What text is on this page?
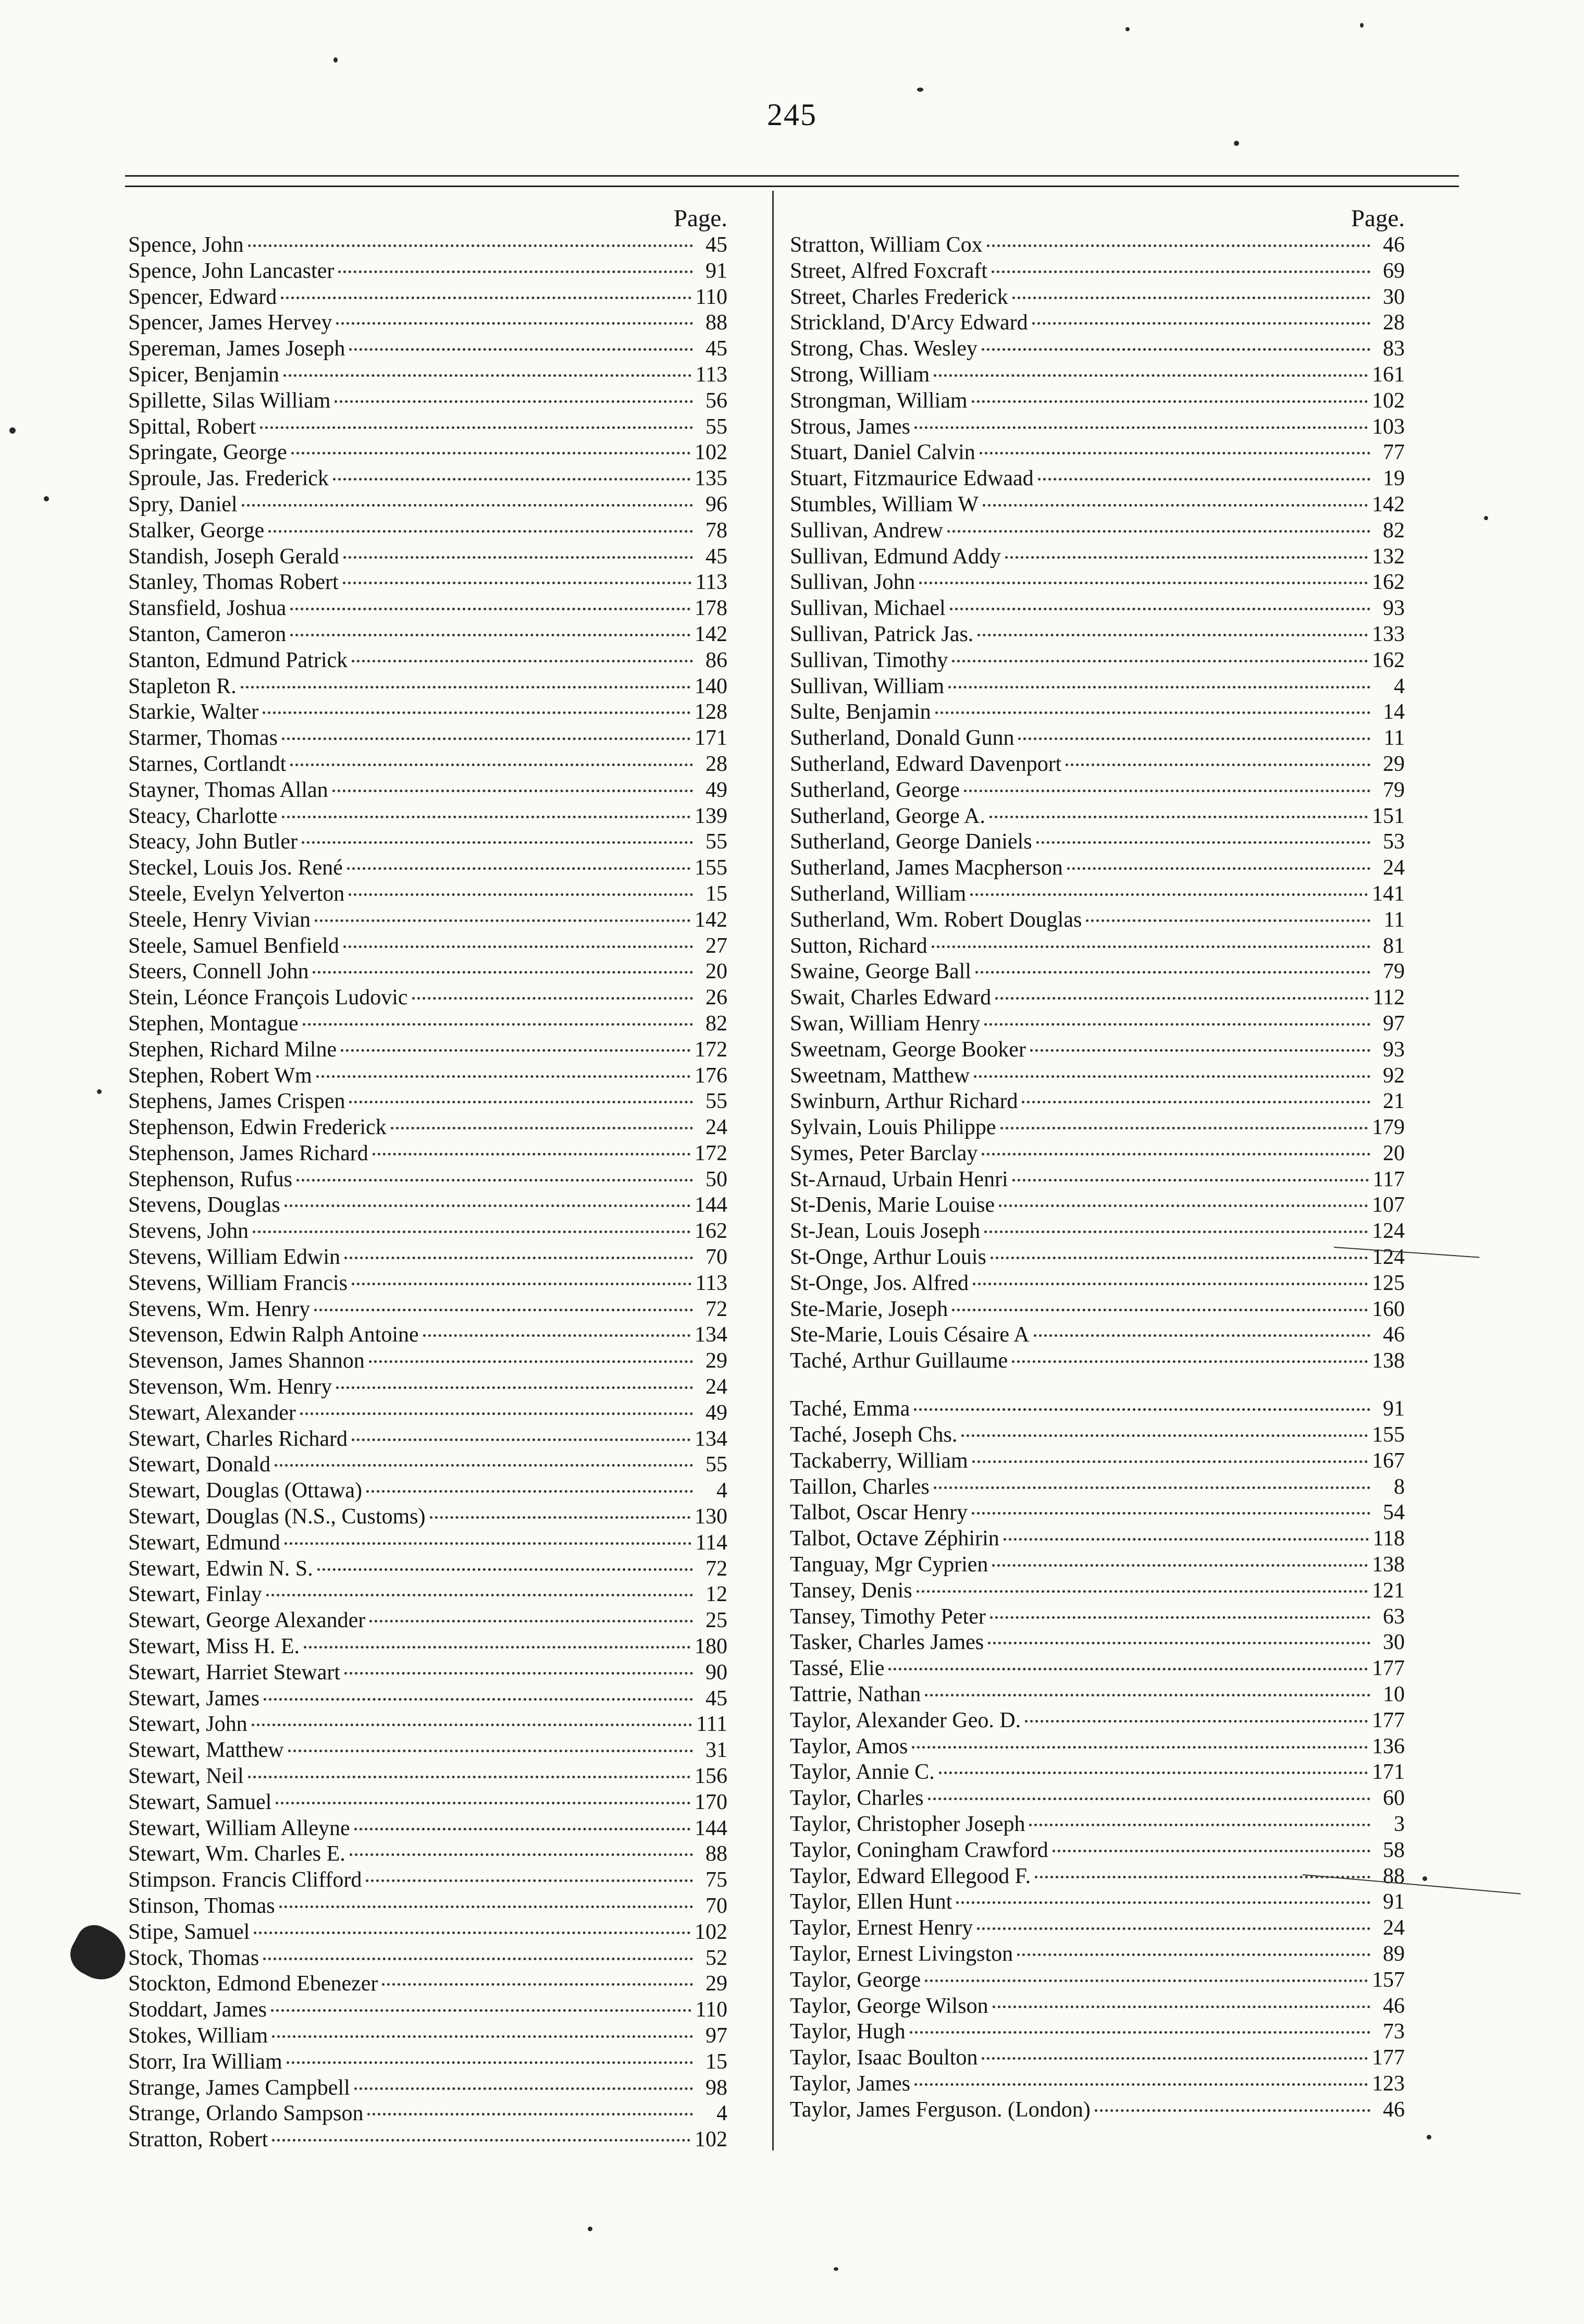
245
Page.
Spence, John	45
Spence, John Lancaster	91
Spencer, Edward	110
Spencer, James Hervey	88
Spereman, James Joseph	45
Spicer, Benjamin	113
Spillette, Silas William	56
Spittal, Robert	55
Springate, George	102
Sproule, Jas. Frederick	135
Spry, Daniel	96
Stalker, George	78
Standish, Joseph Gerald	45
Stanley, Thomas Robert	113
Stansfield, Joshua	178
Stanton, Cameron	142
Stanton, Edmund Patrick	86
Stapleton R.	140
Starkie, Walter	128
Starmer, Thomas	171
Starnes, Cortlandt	28
Stayner, Thomas Allan	49
Steacy, Charlotte	139
Steacy, John Butler	55
Steckel, Louis Jos. René	155
Steele, Evelyn Yelverton	15
Steele, Henry Vivian	142
Steele, Samuel Benfield	27
Steers, Connell John	20
Stein, Léonce François Ludovic	26
Stephen, Montague	82
Stephen, Richard Milne	172
Stephen, Robert Wm	176
Stephens, James Crispen	55
Stephenson, Edwin Frederick	24
Stephenson, James Richard	172
Stephenson, Rufus	50
Stevens, Douglas	144
Stevens, John	162
Stevens, William Edwin	70
Stevens, William Francis	113
Stevens, Wm. Henry	72
Stevenson, Edwin Ralph Antoine	134
Stevenson, James Shannon	29
Stevenson, Wm. Henry	24
Stewart, Alexander	49
Stewart, Charles Richard	134
Stewart, Donald	55
Stewart, Douglas (Ottawa)	4
Stewart, Douglas (N.S., Customs)	130
Stewart, Edmund	114
Stewart, Edwin N. S.	72
Stewart, Finlay	12
Stewart, George Alexander	25
Stewart, Miss H. E.	180
Stewart, Harriet Stewart	90
Stewart, James	45
Stewart, John	111
Stewart, Matthew	31
Stewart, Neil	156
Stewart, Samuel	170
Stewart, William Alleyne	144
Stewart, Wm. Charles E.	88
Stimpson. Francis Clifford	75
Stinson, Thomas	70
Stipe, Samuel	102
Stock, Thomas	52
Stockton, Edmond Ebenezer	29
Stoddart, James	110
Stokes, William	97
Storr, Ira William	15
Strange, James Campbell	98
Strange, Orlando Sampson	4
Stratton, Robert	102
Page.
Stratton, William Cox	46
Street, Alfred Foxcraft	69
Street, Charles Frederick	30
Strickland, D'Arcy Edward	28
Strong, Chas. Wesley	83
Strong, William	161
Strongman, William	102
Strous, James	103
Stuart, Daniel Calvin	77
Stuart, Fitzmaurice Edwaad	19
Stumbles, William W	142
Sullivan, Andrew	82
Sullivan, Edmund Addy	132
Sullivan, John	162
Sullivan, Michael	93
Sullivan, Patrick Jas.	133
Sullivan, Timothy	162
Sullivan, William	4
Sulte, Benjamin	14
Sutherland, Donald Gunn	11
Sutherland, Edward Davenport	29
Sutherland, George	79
Sutherland, George A.	151
Sutherland, George Daniels	53
Sutherland, James Macpherson	24
Sutherland, William	141
Sutherland, Wm. Robert Douglas	11
Sutton, Richard	81
Swaine, George Ball	79
Swait, Charles Edward	112
Swan, William Henry	97
Sweetnam, George Booker	93
Sweetnam, Matthew	92
Swinburn, Arthur Richard	21
Sylvain, Louis Philippe	179
Symes, Peter Barclay	20
St-Arnaud, Urbain Henri	117
St-Denis, Marie Louise	107
St-Jean, Louis Joseph	124
St-Onge, Arthur Louis	124
St-Onge, Jos. Alfred	125
Ste-Marie, Joseph	160
Ste-Marie, Louis Césaire A	46
Taché, Arthur Guillaume	138
Taché, Emma	91
Taché, Joseph Chs.	155
Tackaberry, William	167
Taillon, Charles	8
Talbot, Oscar Henry	54
Talbot, Octave Zéphirin	118
Tanguay, Mgr Cyprien	138
Tansey, Denis	121
Tansey, Timothy Peter	63
Tasker, Charles James	30
Tassé, Elie	177
Tattrie, Nathan	10
Taylor, Alexander Geo. D.	177
Taylor, Amos	136
Taylor, Annie C.	171
Taylor, Charles	60
Taylor, Christopher Joseph	3
Taylor, Coningham Crawford	58
Taylor, Edward Ellegood F.	88
Taylor, Ellen Hunt	91
Taylor, Ernest Henry	24
Taylor, Ernest Livingston	89
Taylor, George	157
Taylor, George Wilson	46
Taylor, Hugh	73
Taylor, Isaac Boulton	177
Taylor, James	123
Taylor, James Ferguson. (London)	46
